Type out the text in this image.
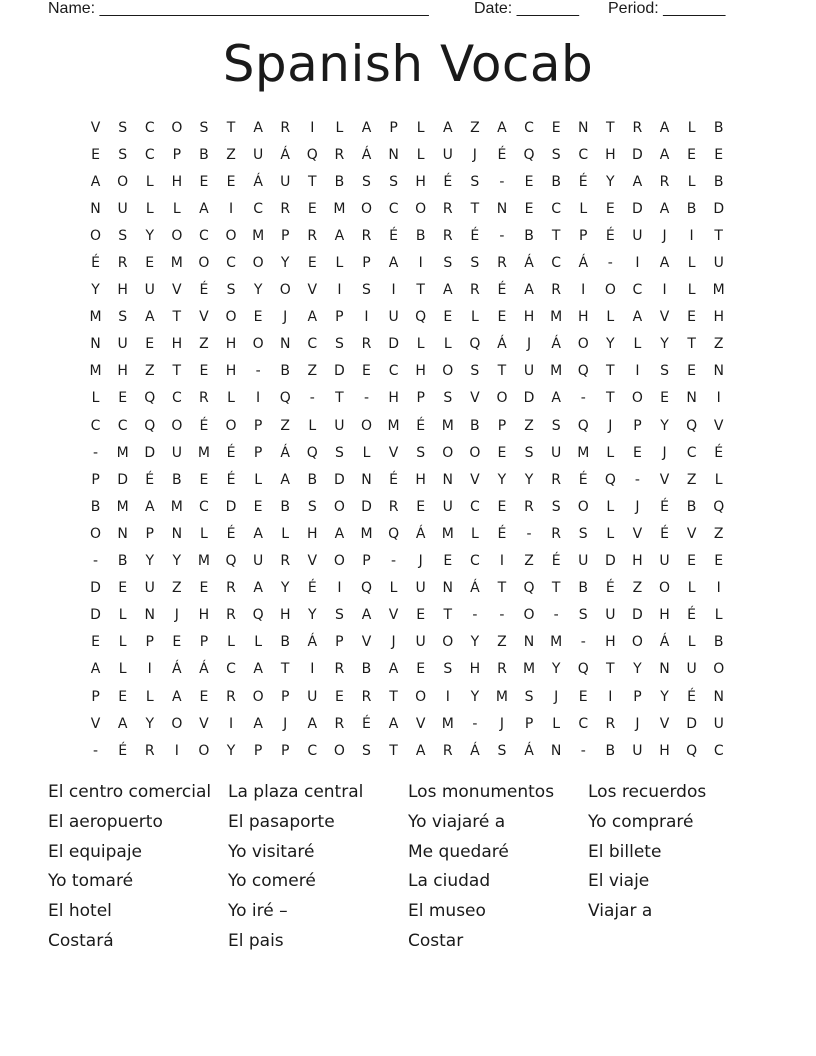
Name: _____________________________________

	Date: _______

Period: _______

Spanish Vocab
V	S	C	O	S	T	A	R	I	L	A	P	L	A	Z	A	C	E	N	T	R	A	L	B
E	S	C	P	B	Z	U	Á	Q	R	Á	N	L	U	J	É	Q	S	C	H	D	A	E	E
A	O	L	H	E	E	Á	U	T	B	S	S	H	É	S	-	E	B	É	Y	A	R	L	B
N	U	L	L	A	I	C	R	E	M	O	C	O	R	T	N	E	C	L	E	D	A	B	D
O	S	Y	O	C	O	M	P	R	A	R	É	B	R	É	-	B	T	P	É	U	J	I	T
É	R	E	M	O	C	O	Y	E	L	P	A	I	S	S	R	Á	C	Á	-	I	A	L	U
Y	H	U	V	É	S	Y	O	V	I	S	I	T	A	R	É	A	R	I	O	C	I	L	M
M	S	A	T	V	O	E	J	A	P	I	U	Q	E	L	E	H	M	H	L	A	V	E	H
N	U	E	H	Z	H	O	N	C	S	R	D	L	L	Q	Á	J	Á	O	Y	L	Y	T	Z
M	H	Z	T	E	H	-	B	Z	D	E	C	H	O	S	T	U	M	Q	T	I	S	E	N
L	E	Q	C	R	L	I	Q	-	T	-	H	P	S	V	O	D	A	-	T	O	E	N	I
C	C	Q	O	É	O	P	Z	L	U	O	M	É	M	B	P	Z	S	Q	J	P	Y	Q	V
-	M	D	U	M	É	P	Á	Q	S	L	V	S	O	O	E	S	U	M	L	E	J	C	É
P	D	É	B	E	É	L	A	B	D	N	É	H	N	V	Y	Y	R	É	Q	-	V	Z	L
B	M	A	M	C	D	E	B	S	O	D	R	E	U	C	E	R	S	O	L	J	É	B	Q
O	N	P	N	L	É	A	L	H	A	M	Q	Á	M	L	É	-	R	S	L	V	É	V	Z
-	B	Y	Y	M	Q	U	R	V	O	P	-	J	E	C	I	Z	É	U	D	H	U	E	E
D	E	U	Z	E	R	A	Y	É	I	Q	L	U	N	Á	T	Q	T	B	É	Z	O	L	I
D	L	N	J	H	R	Q	H	Y	S	A	V	E	T	-	-	O	-	S	U	D	H	É	L
E	L	P	E	P	L	L	B	Á	P	V	J	U	O	Y	Z	N	M	-	H	O	Á	L	B
A	L	I	Á	Á	C	A	T	I	R	B	A	E	S	H	R	M	Y	Q	T	Y	N	U	O
P	E	L	A	E	R	O	P	U	E	R	T	O	I	Y	M	S	J	E	I	P	Y	É	N
V	A	Y	O	V	I	A	J	A	R	É	A	V	M	-	J	P	L	C	R	J	V	D	U
-	É	R	I	O	Y	P	P	C	O	S	T	A	R	Á	S	Á	N	-	B	U	H	Q	C
El centro comercial
El aeropuerto
El equipaje
Yo tomaré
El hotel
Costará
La plaza central
El pasaporte
Yo visitaré
Yo comeré
Yo iré –
El pais
Los monumentos
Yo viajaré a
Me quedaré
La ciudad
El museo
Costar
Los recuerdos
Yo compraré
El billete
El viaje
Viajar a
